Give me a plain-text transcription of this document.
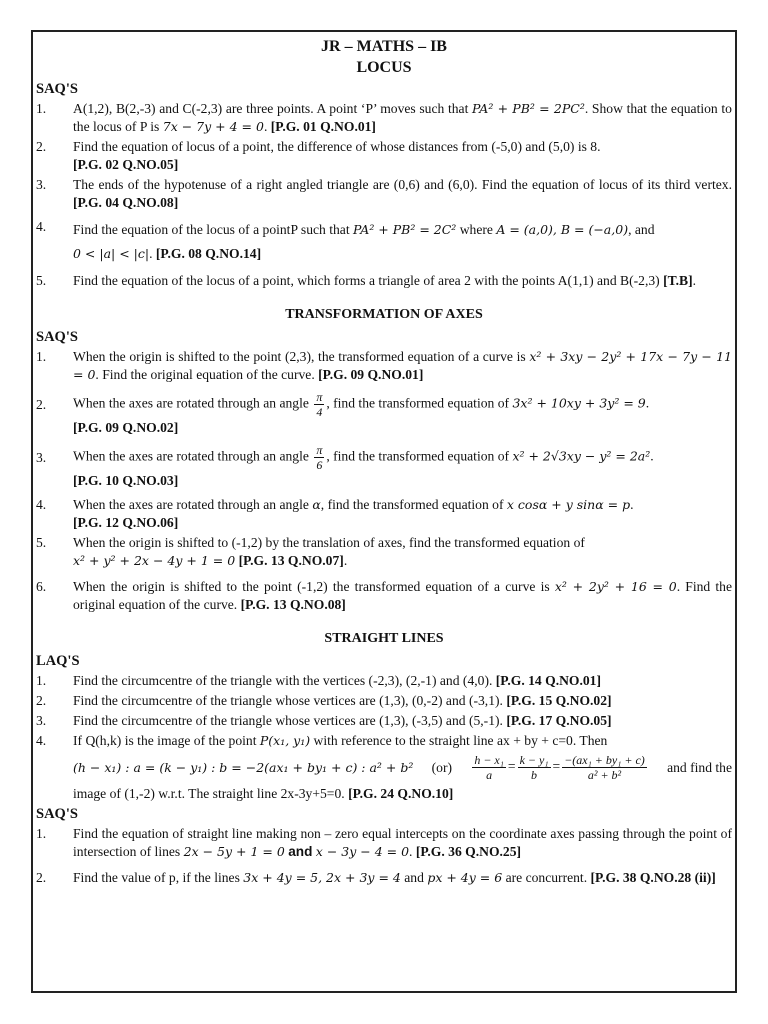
JR – MATHS – IB
LOCUS
SAQ'S
1.	A(1,2), B(2,-3) and C(-2,3) are three points. A point ‘P’ moves such that PA² + PB² = 2PC². Show that the equation to the locus of P is 7x − 7y + 4 = 0. [P.G. 01 Q.NO.01]
2.	Find the equation of locus of a point, the difference of whose distances from (-5,0) and (5,0) is 8.
[P.G. 02 Q.NO.05]
3.	The ends of the hypotenuse of a right angled triangle are (0,6) and (6,0). Find the equation of locus of its third vertex. [P.G. 04 Q.NO.08]
4.	Find the equation of the locus of a pointP such that PA² + PB² = 2C² where A = (a,0), B = (−a,0), and
0 < |a| < |c|. [P.G. 08 Q.NO.14]
5.	Find the equation of the locus of a point, which forms a triangle of area 2 with the points A(1,1) and B(-2,3) [T.B].
TRANSFORMATION OF AXES
SAQ'S
1.	When the origin is shifted to the point (2,3), the transformed equation of a curve is x² + 3xy − 2y² + 17x − 7y − 11 = 0. Find the original equation of the curve. [P.G. 09 Q.NO.01]
2.	When the axes are rotated through an angle $\frac{\pi}{4}$ , find the transformed equation of 3x² + 10xy + 3y² = 9.
[P.G. 09 Q.NO.02]
3.	When the axes are rotated through an angle $\frac{\pi}{6}$ , find the transformed equation of x² + 2√3xy − y² = 2a².
[P.G. 10 Q.NO.03]
4.	When the axes are rotated through an angle α, find the transformed equation of x cosα + y sinα = p.
[P.G. 12 Q.NO.06]
5.	When the origin is shifted to (-1,2) by the translation of axes, find the transformed equation of
x² + y² + 2x − 4y + 1 = 0 [P.G. 13 Q.NO.07].
6.	When the origin is shifted to the point (-1,2) the transformed equation of a curve is x² + 2y² + 16 = 0. Find the original equation of the curve. [P.G. 13 Q.NO.08]
STRAIGHT LINES
LAQ'S
1.	Find the circumcentre of the triangle with the vertices (-2,3), (2,-1) and (4,0). [P.G. 14 Q.NO.01]
2.	Find the circumcentre of the triangle whose vertices are (1,3), (0,-2) and (-3,1). [P.G. 15 Q.NO.02]
3.	Find the circumcentre of the triangle whose vertices are (1,3), (-3,5) and (5,-1). [P.G. 17 Q.NO.05]
4.	If Q(h,k) is the image of the point P(x₁, y₁) with reference to the straight line ax + by + c=0. Then
(h − x₁) : a = (k − y₁) : b = −2(ax₁ + by₁ + c) : a² + b² $(or) \frac{\text{h − x₁}}{a} = \frac{\text{k − y₁}}{b} = \frac{\text{−(ax₁ + by₁ + c)}}{\text{a² + b²}}$ and find the
image of (1,-2) w.r.t. The straight line 2x-3y+5=0. [P.G. 24 Q.NO.10]
SAQ'S
1.	Find the equation of straight line making non – zero equal intercepts on the coordinate axes passing through the point of intersection of lines 2x − 5y + 1 = 0 and x − 3y − 4 = 0. [P.G. 36 Q.NO.25]
2.	Find the value of p, if the lines 3x + 4y = 5, 2x + 3y = 4 and px + 4y = 6 are concurrent. [P.G. 38 Q.NO.28 (ii)]
